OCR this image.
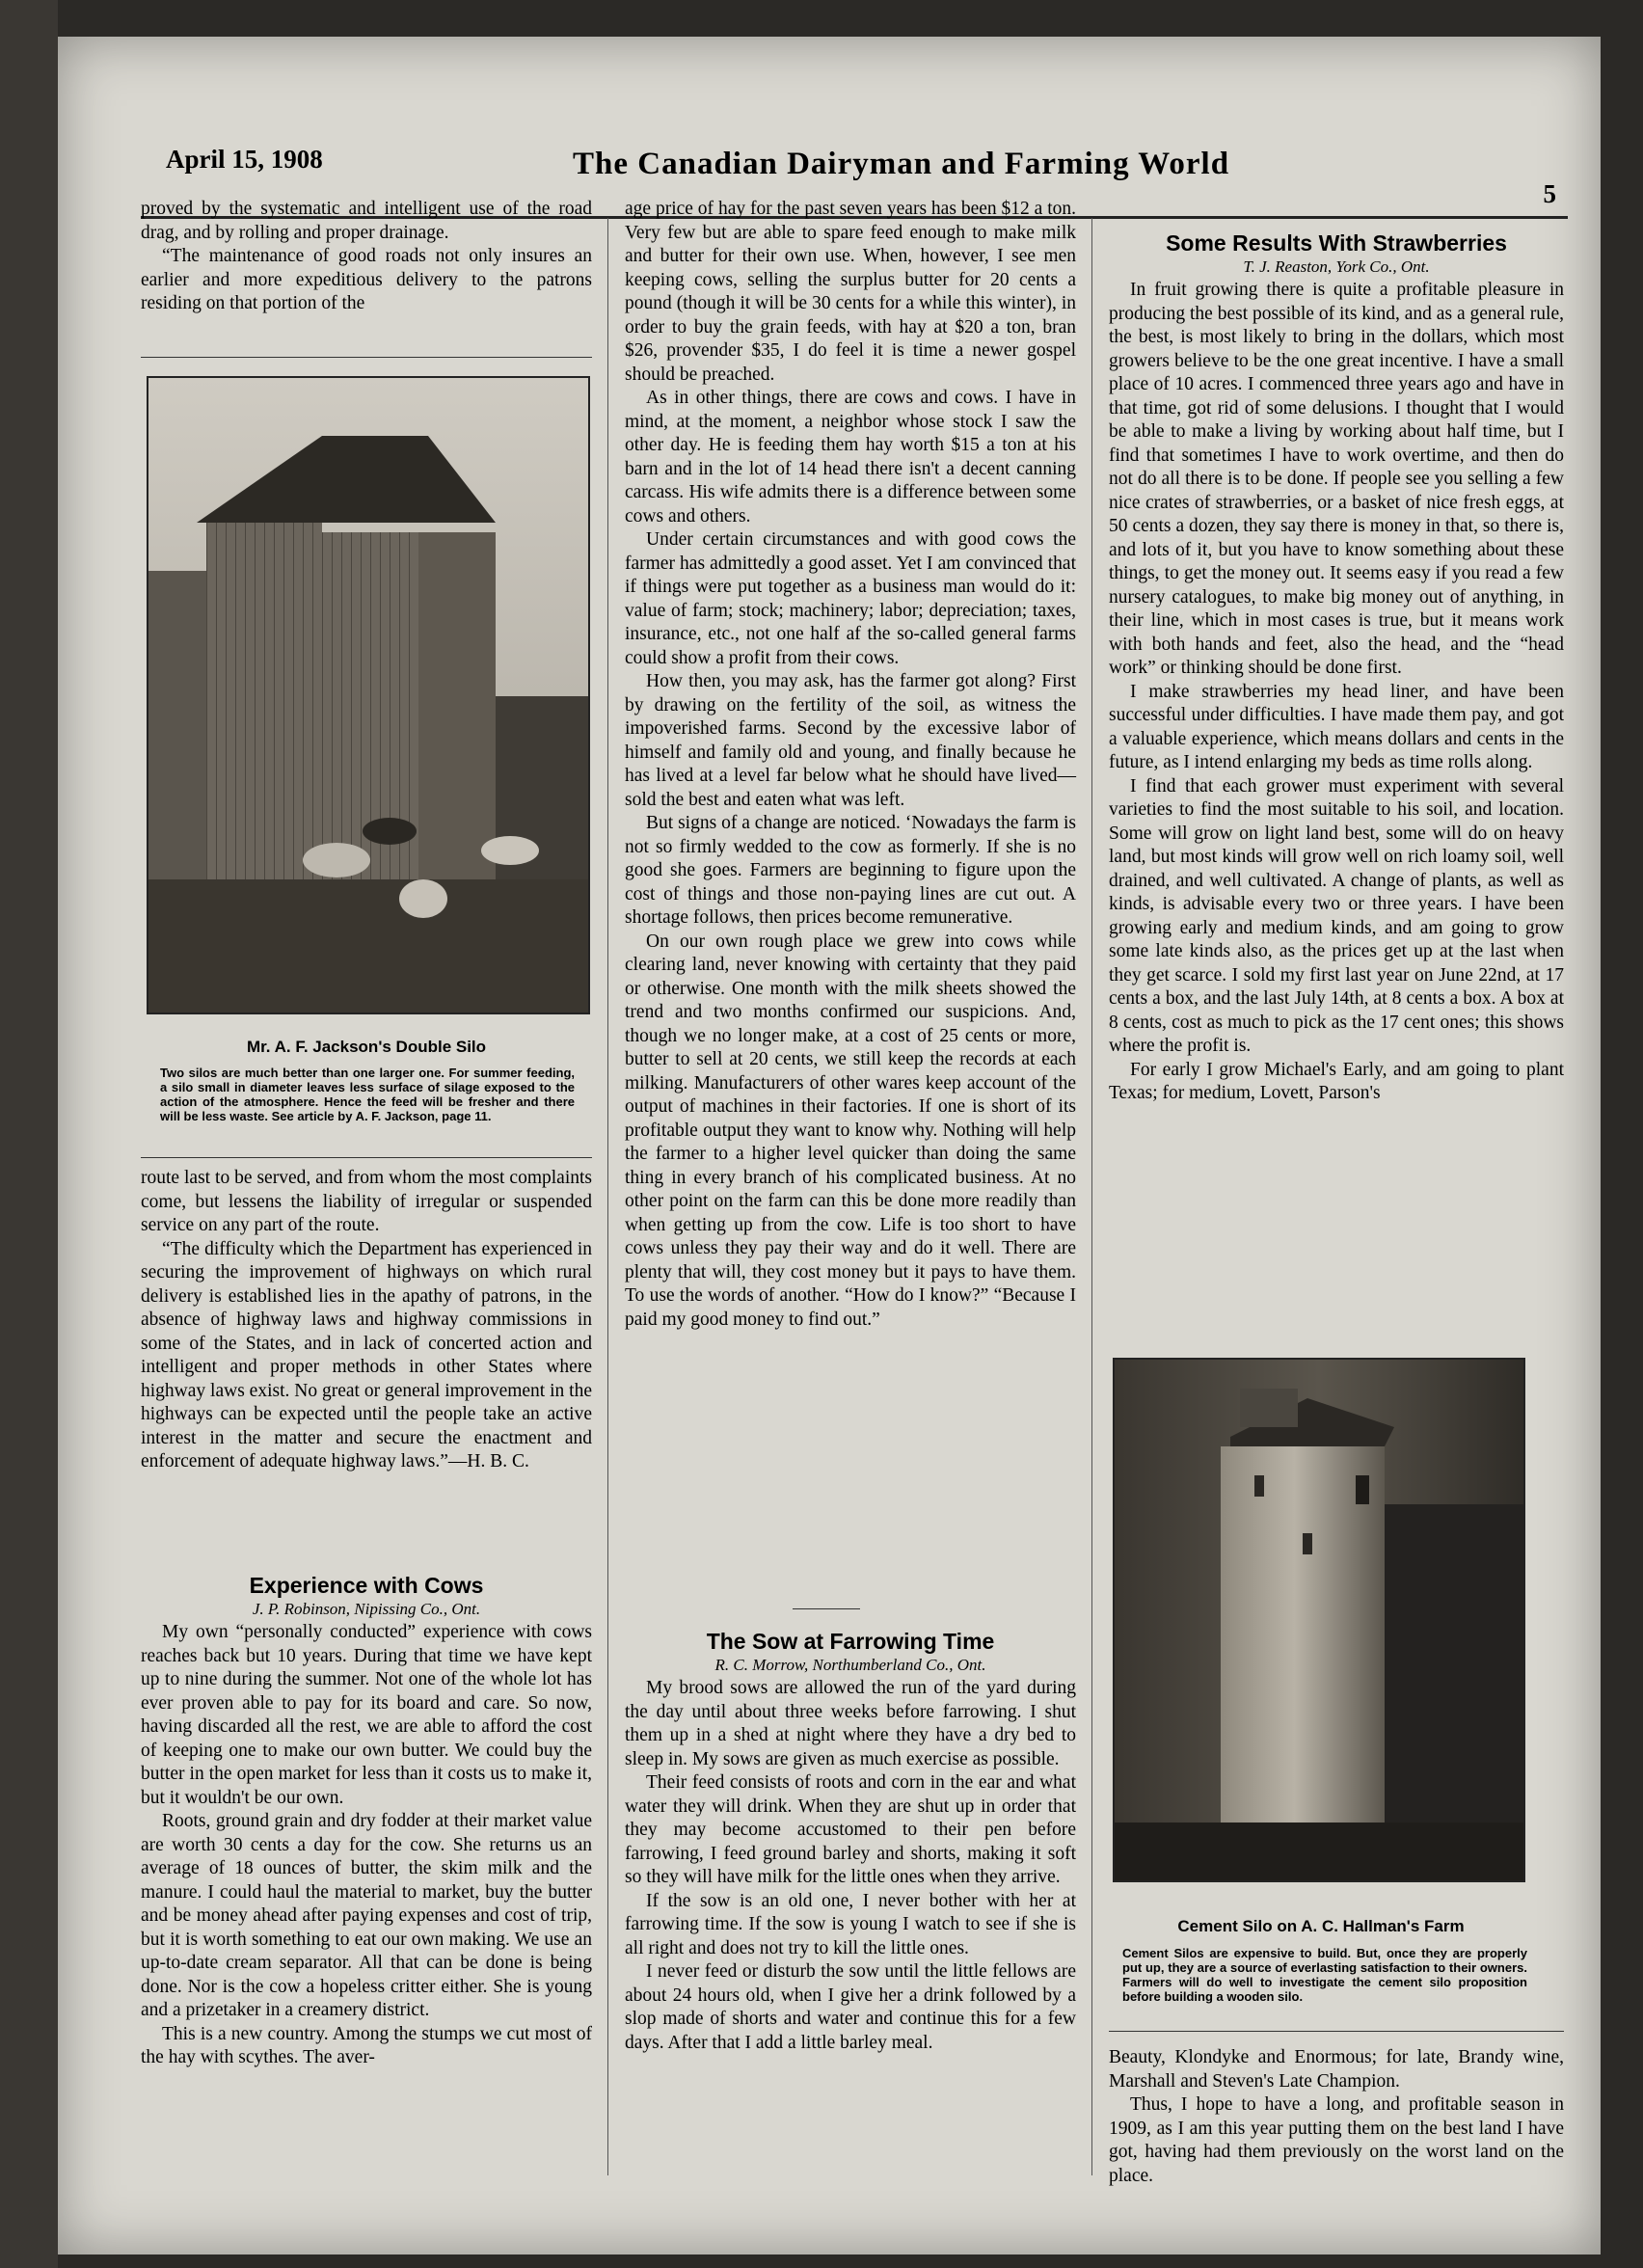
April 15, 1908	The Canadian Dairyman and Farming World
5

proved by the systematic and intelligent use of the road drag, and by rolling and proper drainage.

“The maintenance of good roads not only insures an earlier and more expeditious delivery to the patrons residing on that portion of the

Mr. A. F. Jackson's Double Silo
Two silos are much better than one larger one. For summer feeding, a silo small in diameter leaves less surface of silage exposed to the action of the atmosphere. Hence the feed will be fresher and there will be less waste. See article by A. F. Jackson, page 11.

route last to be served, and from whom the most complaints come, but lessens the liability of irregular or suspended service on any part of the route.

“The difficulty which the Department has experienced in securing the improvement of highways on which rural delivery is established lies in the apathy of patrons, in the absence of highway laws and highway commissions in some of the States, and in lack of concerted action and intelligent and proper methods in other States where highway laws exist. No great or general improvement in the highways can be expected until the people take an active interest in the matter and secure the enactment and enforcement of adequate highway laws.”—H. B. C.

Experience with Cows
J. P. Robinson, Nipissing Co., Ont.

My own “personally conducted” experience with cows reaches back but 10 years. During that time we have kept up to nine during the summer. Not one of the whole lot has ever proven able to pay for its board and care. So now, having discarded all the rest, we are able to afford the cost of keeping one to make our own butter. We could buy the butter in the open market for less than it costs us to make it, but it wouldn't be our own.

Roots, ground grain and dry fodder at their market value are worth 30 cents a day for the cow. She returns us an average of 18 ounces of butter, the skim milk and the manure. I could haul the material to market, buy the butter and be money ahead after paying expenses and cost of trip, but it is worth something to eat our own making. We use an up-to-date cream separator. All that can be done is being done. Nor is the cow a hopeless critter either. She is young and a prizetaker in a creamery district.

This is a new country. Among the stumps we cut most of the hay with scythes. The aver-

age price of hay for the past seven years has been $12 a ton. Very few but are able to spare feed enough to make milk and butter for their own use. When, however, I see men keeping cows, selling the surplus butter for 20 cents a pound (though it will be 30 cents for a while this winter), in order to buy the grain feeds, with hay at $20 a ton, bran $26, provender $35, I do feel it is time a newer gospel should be preached.

As in other things, there are cows and cows. I have in mind, at the moment, a neighbor whose stock I saw the other day. He is feeding them hay worth $15 a ton at his barn and in the lot of 14 head there isn't a decent canning carcass. His wife admits there is a difference between some cows and others.

Under certain circumstances and with good cows the farmer has admittedly a good asset. Yet I am convinced that if things were put together as a business man would do it: value of farm; stock; machinery; labor; depreciation; taxes, insurance, etc., not one half af the so-called general farms could show a profit from their cows.

How then, you may ask, has the farmer got along? First by drawing on the fertility of the soil, as witness the impoverished farms. Second by the excessive labor of himself and family old and young, and finally because he has lived at a level far below what he should have lived—sold the best and eaten what was left.

But signs of a change are noticed. ‘Nowadays the farm is not so firmly wedded to the cow as formerly. If she is no good she goes. Farmers are beginning to figure upon the cost of things and those non-paying lines are cut out. A shortage follows, then prices become remunerative.

On our own rough place we grew into cows while clearing land, never knowing with certainty that they paid or otherwise. One month with the milk sheets showed the trend and two months confirmed our suspicions. And, though we no longer make, at a cost of 25 cents or more, butter to sell at 20 cents, we still keep the records at each milking. Manufacturers of other wares keep account of the output of machines in their factories. If one is short of its profitable output they want to know why. Nothing will help the farmer to a higher level quicker than doing the same thing in every branch of his complicated business. At no other point on the farm can this be done more readily than when getting up from the cow. Life is too short to have cows unless they pay their way and do it well. There are plenty that will, they cost money but it pays to have them. To use the words of another. “How do I know?” “Because I paid my good money to find out.”

The Sow at Farrowing Time
R. C. Morrow, Northumberland Co., Ont.

My brood sows are allowed the run of the yard during the day until about three weeks before farrowing. I shut them up in a shed at night where they have a dry bed to sleep in. My sows are given as much exercise as possible.

Their feed consists of roots and corn in the ear and what water they will drink. When they are shut up in order that they may become accustomed to their pen before farrowing, I feed ground barley and shorts, making it soft so they will have milk for the little ones when they arrive.

If the sow is an old one, I never bother with her at farrowing time. If the sow is young I watch to see if she is all right and does not try to kill the little ones.

I never feed or disturb the sow until the little fellows are about 24 hours old, when I give her a drink followed by a slop made of shorts and water and continue this for a few days. After that I add a little barley meal.

Some Results With Strawberries
T. J. Reaston, York Co., Ont.

In fruit growing there is quite a profitable pleasure in producing the best possible of its kind, and as a general rule, the best, is most likely to bring in the dollars, which most growers believe to be the one great incentive. I have a small place of 10 acres. I commenced three years ago and have in that time, got rid of some delusions. I thought that I would be able to make a living by working about half time, but I find that sometimes I have to work overtime, and then do not do all there is to be done. If people see you selling a few nice crates of strawberries, or a basket of nice fresh eggs, at 50 cents a dozen, they say there is money in that, so there is, and lots of it, but you have to know something about these things, to get the money out. It seems easy if you read a few nursery catalogues, to make big money out of anything, in their line, which in most cases is true, but it means work with both hands and feet, also the head, and the “head work” or thinking should be done first.

I make strawberries my head liner, and have been successful under difficulties. I have made them pay, and got a valuable experience, which means dollars and cents in the future, as I intend enlarging my beds as time rolls along.

I find that each grower must experiment with several varieties to find the most suitable to his soil, and location. Some will grow on light land best, some will do on heavy land, but most kinds will grow well on rich loamy soil, well drained, and well cultivated. A change of plants, as well as kinds, is advisable every two or three years. I have been growing early and medium kinds, and am going to grow some late kinds also, as the prices get up at the last when they get scarce. I sold my first last year on June 22nd, at 17 cents a box, and the last July 14th, at 8 cents a box. A box at 8 cents, cost as much to pick as the 17 cent ones; this shows where the profit is.

For early I grow Michael's Early, and am going to plant Texas; for medium, Lovett, Parson's

Cement Silo on A. C. Hallman's Farm
Cement Silos are expensive to build. But, once they are properly put up, they are a source of everlasting satisfaction to their owners. Farmers will do well to investigate the cement silo proposition before building a wooden silo.

Beauty, Klondyke and Enormous; for late, Brandy wine, Marshall and Steven's Late Champion.

Thus, I hope to have a long, and profitable season in 1909, as I am this year putting them on the best land I have got, having had them previously on the worst land on the place.
